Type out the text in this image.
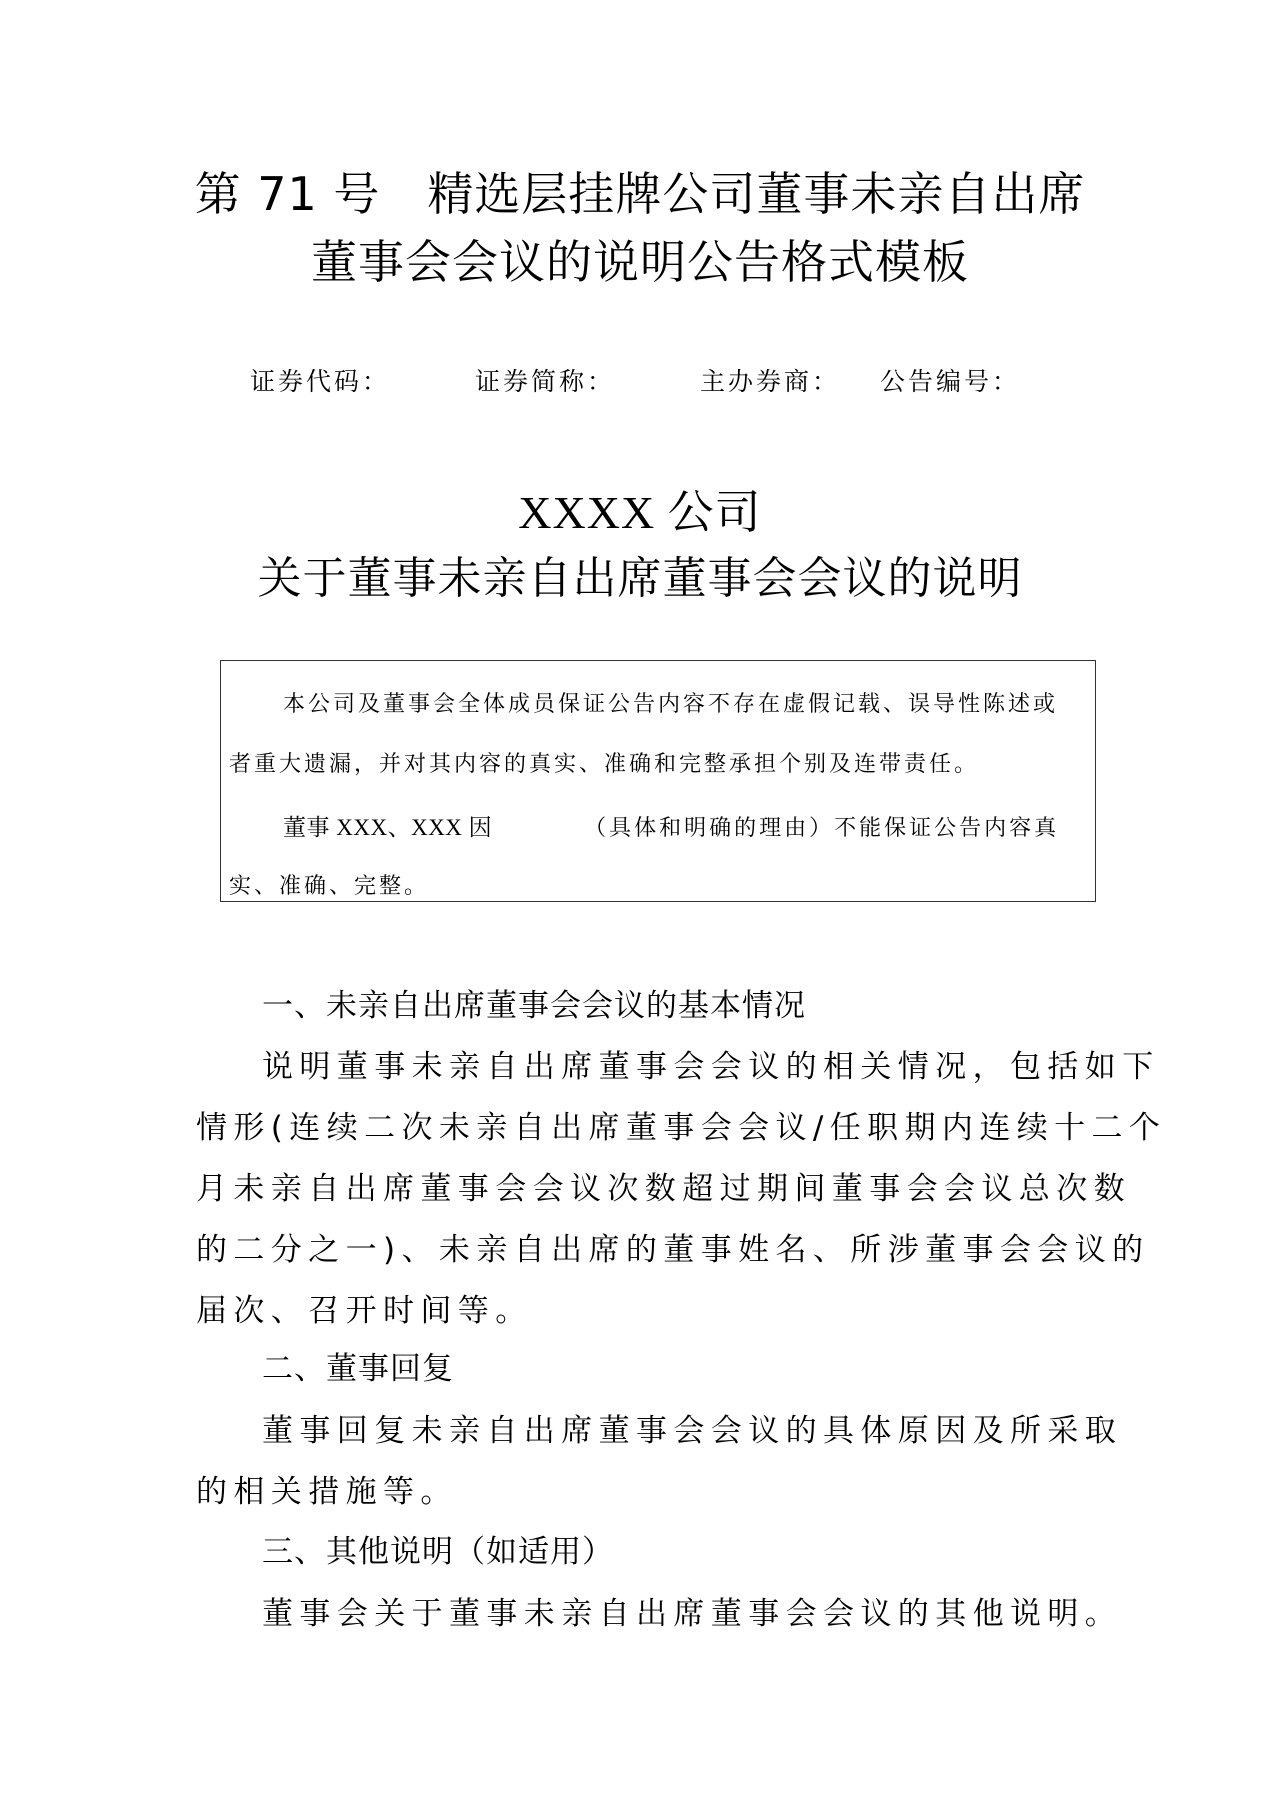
第 71 号　精选层挂牌公司董事未亲自出席
董事会会议的说明公告格式模板
证券代码：	证券简称：	主办券商： 公告编号：
XXXX 公司
关于董事未亲自出席董事会会议的说明

本公司及董事会全体成员保证公告内容不存在虚假记载、误导性陈述或

者重大遗漏，并对其内容的真实、准确和完整承担个别及连带责任。

董事 XXX、XXX 因	（具体和明确的理由）不能保证公告内容真

实、准确、完整。

一、未亲自出席董事会会议的基本情况
说明董事未亲自出席董事会会议的相关情况，包括如下
情形(连续二次未亲自出席董事会会议/任职期内连续十二个
月未亲自出席董事会会议次数超过期间董事会会议总次数
的二分之一)、未亲自出席的董事姓名、所涉董事会会议的
届次、召开时间等。
二、董事回复
董事回复未亲自出席董事会会议的具体原因及所采取
的相关措施等。
三、其他说明（如适用）
董事会关于董事未亲自出席董事会会议的其他说明。
